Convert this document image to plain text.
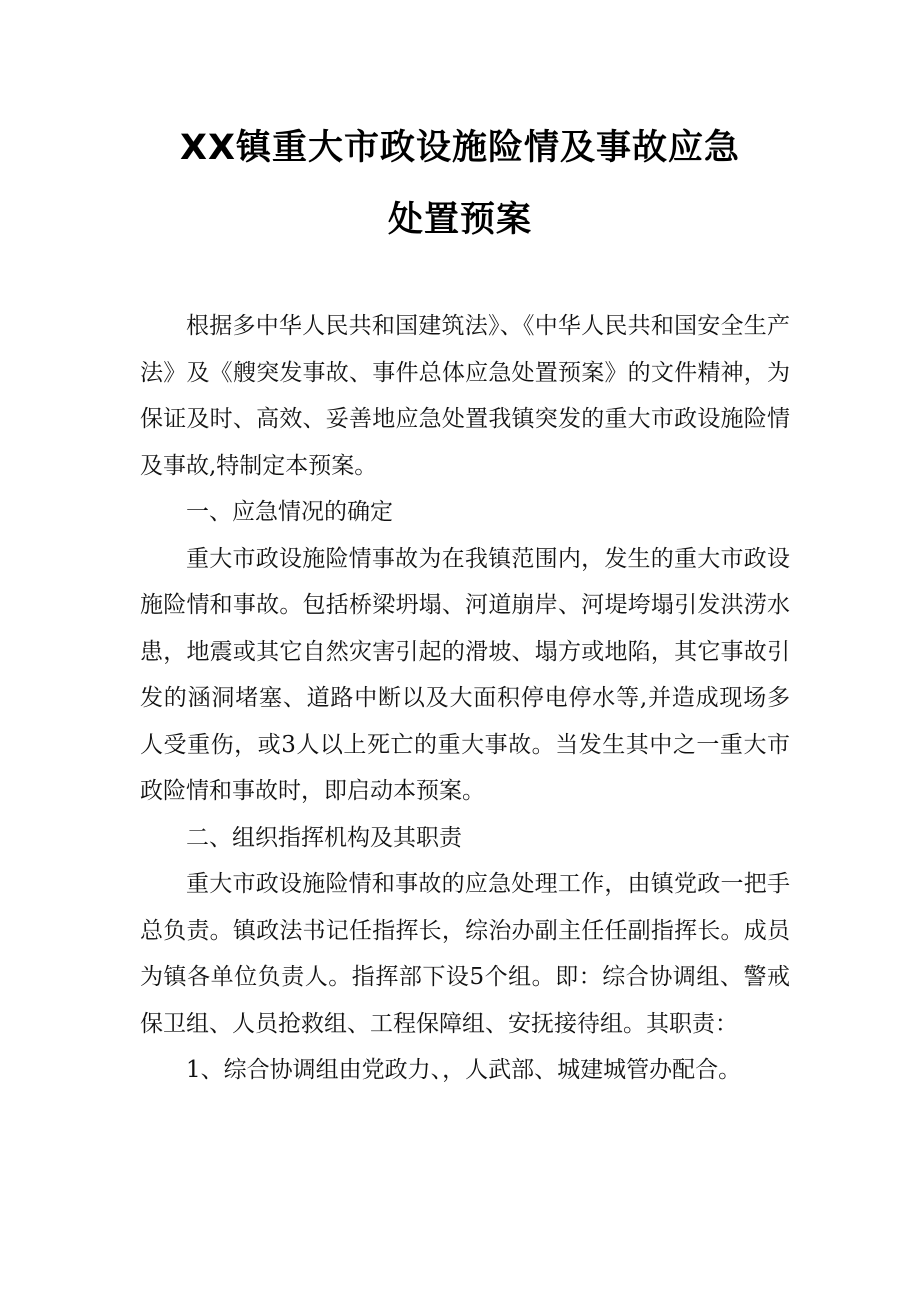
XX镇重大市政设施险情及事故应急
处置预案

根据多中华人民共和国建筑法》、《中华人民共和国安全生产法》及《艘突发事故、事件总体应急处置预案》的文件精神，为保证及时、高效、妥善地应急处置我镇突发的重大市政设施险情及事故,特制定本预案。

一、应急情况的确定

重大市政设施险情事故为在我镇范围内，发生的重大市政设施险情和事故。包括桥梁坍塌、河道崩岸、河堤垮塌引发洪涝水患，地震或其它自然灾害引起的滑坡、塌方或地陷，其它事故引发的涵洞堵塞、道路中断以及大面积停电停水等,并造成现场多人受重伤，或3人以上死亡的重大事故。当发生其中之一重大市政险情和事故时，即启动本预案。

二、组织指挥机构及其职责

重大市政设施险情和事故的应急处理工作，由镇党政一把手总负责。镇政法书记任指挥长，综治办副主任任副指挥长。成员为镇各单位负责人。指挥部下设5个组。即：综合协调组、警戒保卫组、人员抢救组、工程保障组、安抚接待组。其职责：

1、综合协调组由党政力、，人武部、城建城管办配合。
